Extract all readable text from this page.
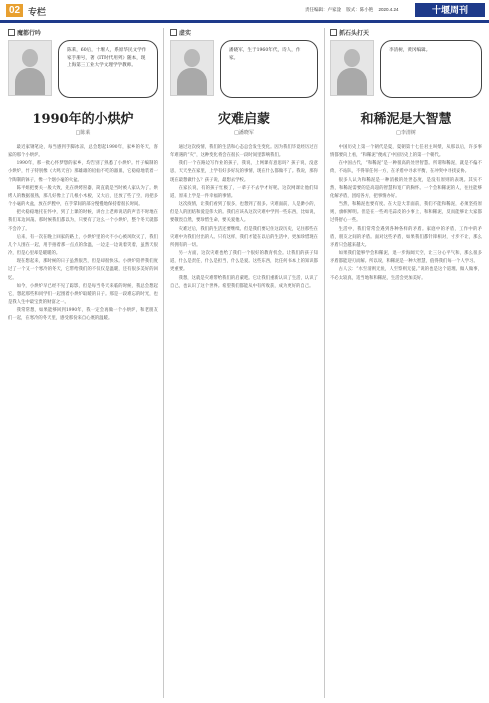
02 专栏	责任编辑：卢家淦 版式：陈小艳 2020.4.24	十堰周刊
魔都行吟
陈莱，60后，十堰人，系原华民文学作家手册号，著《IT时代用列》随本，现上海第三工业大学文理学学教师。
1990年的小烘炉
□陈莱

最近家钢笔论，每当感到手脚冰凉，总会想起1990年，家乡的冬天，客家的那个小烘炉。

1990年，那一批心怀梦想的家乡，均告别了熟悉了小烘炉。竹子编制的小烘炉，竹子特别像《大鸣天宫》那雄雄的铅仙不吃的器皿，它稳稳地装着一个陶制的钵子，像一个烟小毫的火盆。

陈平姐把要关一般大致，先在烘烤窑器，简直就是当时被人家认为了。烘烤人的数据很熟，那儿好像上了几根小木板，又大后，还放了些了空，再把多个小毫的火盆，放在炉膛中，在手掌间的部分慢慢地保持着很长时间。

把火稳稳地托在怀中，到了上课的时候，讲台上老师说话的声音不时地在我们耳边回荡。那时候我们都以为，只要有了这么一个小烘炉，整个冬天就都不会冷了。

后来，有一次在晚上回家的路上，小烘炉里的火不小心被风吹灭了，我们几个人围在一起，用手捂着那一点点的余温，一边走一边说着笑着，虽然天很冷，但是心里却是暖暖的。

现在想起来，那时候的日子虽然很苦，但是却很快乐。小烘炉陪伴我们度过了一个又一个寒冷的冬天，它带给我们的不仅仅是温暖，还有很多美好的回忆。

如今，小烘炉早已经不见了踪影，但是每当冬天来临的时候，我总会想起它，想起那些和同学们一起围着小烘炉取暖的日子。那是一段难忘的时光，也是我人生中最宝贵的财富之一。

我常常想，如果能够回到1990年，我一定会再做一个小烘炉，和老朋友们一起，在寒冷的冬天里，感受那份来自心底的温暖。

虚实
潘晓军，生于1960年代，诗人，作家。
灾难启蒙
□潘晓军

通过这次疫情，我们的生活和心态总会发生变化。因为我们毕竟经历过百年难遇的“灾”，这种变化将会在很长一段时间里影响我们。

我们一个在路边写作业的孩子，我说，上网课有意思吗？孩子说，没意思，天天坐在家里，上学有好多好玩的事情，现在什么都做不了。我说，那你现在最想做什么？孩子说，最想去学校。

在家长说，有的孩子忙极了，一辈子不去学才好呢。这次网课让他们知道，原来上学是一件幸福的事情。

这次疫情，让我们看到了很多，也想到了很多。灾难面前，人是渺小的，但是人的团结和爱是伟大的。我们应该从这次灾难中学到一些东西，比如说，要敬畏自然，要珍惜生命，要关爱他人。

灾难过后，我们的生活还要继续。但是我们要记住这段历史，记住那些在灾难中为我们付出的人。只有这样，我们才能在以后的生活中，更加珍惜现在所拥有的一切。

另一方面，这次灾难也给了我们一个很好的教育机会。让我们的孩子知道，什么是责任，什么是担当，什么是爱。这些东西，比任何书本上的知识都更重要。

我想，这就是灾难带给我们的启蒙吧。它让我们重新认识了生活，认识了自己，也认识了这个世界。希望我们都能从中有所收获，成为更好的自己。

抓石头打天
李清树，黄冈编辑。
和稀泥是大智慧
□李清树

中国历史上第一个朝代是夏，夏朝第十七任君主叫桀，从那以后，许多事情都要向上看，“和稀泥”便成了中国历史上的第一个朝代。

在中国古代，“和稀泥”是一种很高的处世智慧。所谓和稀泥，就是不偏不倚，不站队，不得罪任何一方，在矛盾中寻求平衡，在冲突中寻找妥协。

很多人认为和稀泥是一种消极的处世态度，是没有原则的表现。其实不然，和稀泥需要的是高超的智慧和宽广的胸怀。一个会和稀泥的人，往往能够化解矛盾，团结各方，把事情办好。

当然，和稀泥也要有度。在大是大非面前，我们不能和稀泥，必须坚持原则，旗帜鲜明。但是在一些鸡毛蒜皮的小事上，和和稀泥，反而能够让大家都过得舒心一些。

生活中，我们常常会遇到各种各样的矛盾。家庭中的矛盾，工作中的矛盾，朋友之间的矛盾。面对这些矛盾，如果我们都针锋相对，寸步不让，那么矛盾只会越来越大。

如果我们能够学会和稀泥，退一步海阔天空，让三分心平气和，那么很多矛盾都能迎刃而解。所以说，和稀泥是一种大智慧，值得我们每一个人学习。

古人云：“水至清则无鱼，人至察则无徒。”说的也是这个道理。做人做事，不必太较真，适当地和和稀泥，生活会更加美好。
